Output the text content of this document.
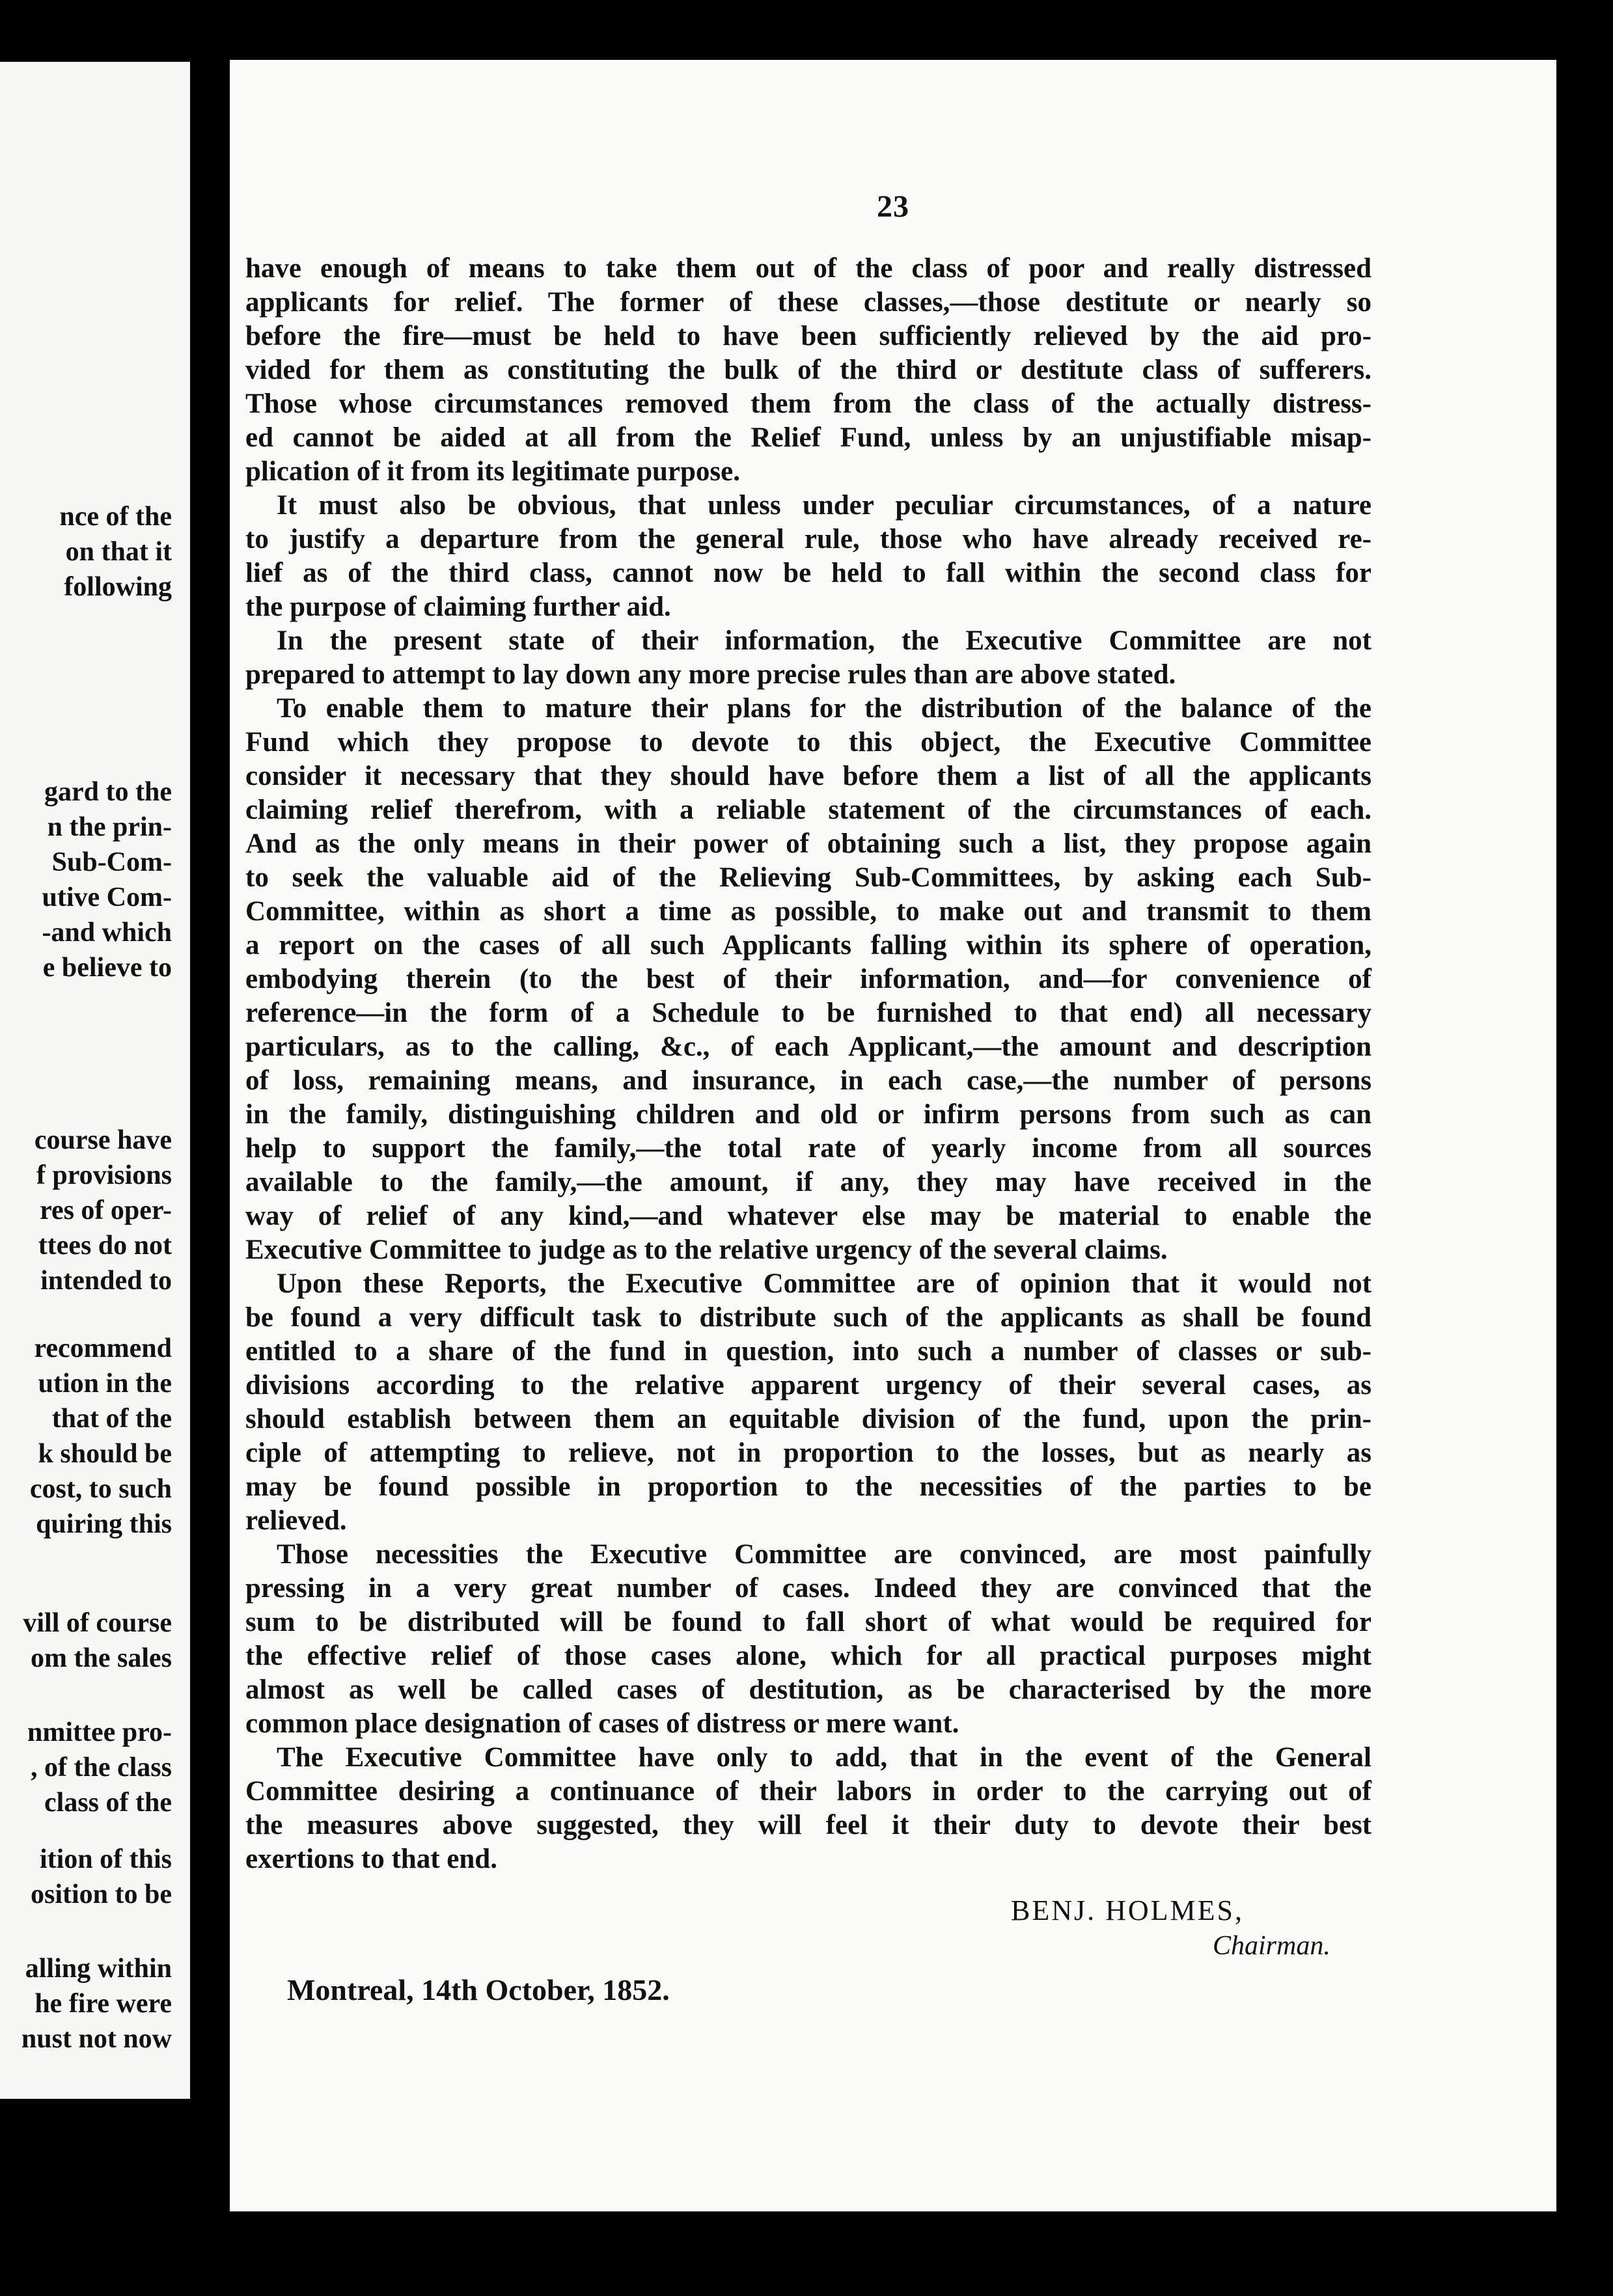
nce of the
on that it
following
gard to the
n the prin-
Sub-Com-
utive Com-
-and which
e believe to
course have
f provisions
res of oper-
ttees do not
intended to
recommend
ution in the
that of the
k should be
cost, to such
quiring this
vill of course
om the sales
nmittee pro-
, of the class
class of the
ition of this
osition to be
alling within
he fire were
nust not now
23
have enough of means to take them out of the class of poor and really distressed
applicants for relief. The former of these classes,—those destitute or nearly so
before the fire—must be held to have been sufficiently relieved by the aid pro-
vided for them as constituting the bulk of the third or destitute class of sufferers.
Those whose circumstances removed them from the class of the actually distress-
ed cannot be aided at all from the Relief Fund, unless by an unjustifiable misap-
plication of it from its legitimate purpose.
It must also be obvious, that unless under peculiar circumstances, of a nature
to justify a departure from the general rule, those who have already received re-
lief as of the third class, cannot now be held to fall within the second class for
the purpose of claiming further aid.
In the present state of their information, the Executive Committee are not
prepared to attempt to lay down any more precise rules than are above stated.
To enable them to mature their plans for the distribution of the balance of the
Fund which they propose to devote to this object, the Executive Committee
consider it necessary that they should have before them a list of all the applicants
claiming relief therefrom, with a reliable statement of the circumstances of each.
And as the only means in their power of obtaining such a list, they propose again
to seek the valuable aid of the Relieving Sub-Committees, by asking each Sub-
Committee, within as short a time as possible, to make out and transmit to them
a report on the cases of all such Applicants falling within its sphere of operation,
embodying therein (to the best of their information, and—for convenience of
reference—in the form of a Schedule to be furnished to that end) all necessary
particulars, as to the calling, &c., of each Applicant,—the amount and description
of loss, remaining means, and insurance, in each case,—the number of persons
in the family, distinguishing children and old or infirm persons from such as can
help to support the family,—the total rate of yearly income from all sources
available to the family,—the amount, if any, they may have received in the
way of relief of any kind,—and whatever else may be material to enable the
Executive Committee to judge as to the relative urgency of the several claims.
Upon these Reports, the Executive Committee are of opinion that it would not
be found a very difficult task to distribute such of the applicants as shall be found
entitled to a share of the fund in question, into such a number of classes or sub-
divisions according to the relative apparent urgency of their several cases, as
should establish between them an equitable division of the fund, upon the prin-
ciple of attempting to relieve, not in proportion to the losses, but as nearly as
may be found possible in proportion to the necessities of the parties to be
relieved.
Those necessities the Executive Committee are convinced, are most painfully
pressing in a very great number of cases. Indeed they are convinced that the
sum to be distributed will be found to fall short of what would be required for
the effective relief of those cases alone, which for all practical purposes might
almost as well be called cases of destitution, as be characterised by the more
common place designation of cases of distress or mere want.
The Executive Committee have only to add, that in the event of the General
Committee desiring a continuance of their labors in order to the carrying out of
the measures above suggested, they will feel it their duty to devote their best
exertions to that end.
BENJ. HOLMES,
Chairman.
Montreal, 14th October, 1852.
